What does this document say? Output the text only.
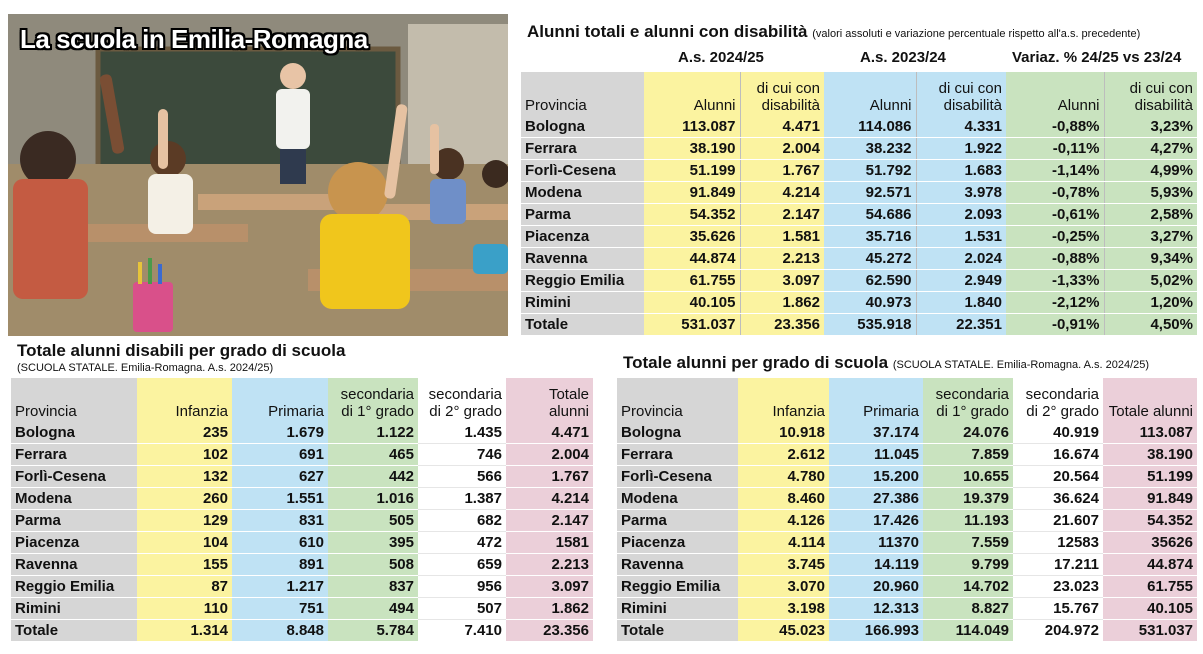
La scuola in Emilia-Romagna	Alunni totali e alunni con disabilità (valori assoluti e variazione percentuale rispetto all'a.s. precedente)
A.s. 2024/25	A.s. 2023/24	Variaz. % 24/25 vs 23/24
Provincia	Alunni	di cui con disabilità	Alunni	di cui con disabilità	Alunni	di cui con disabilità
Bologna	113.087	4.471	114.086	4.331	-0,88%	3,23%
Ferrara	38.190	2.004	38.232	1.922	-0,11%	4,27%
Forlì-Cesena	51.199	1.767	51.792	1.683	-1,14%	4,99%
Modena	91.849	4.214	92.571	3.978	-0,78%	5,93%
Parma	54.352	2.147	54.686	2.093	-0,61%	2,58%
Piacenza	35.626	1.581	35.716	1.531	-0,25%	3,27%
Ravenna	44.874	2.213	45.272	2.024	-0,88%	9,34%
Reggio Emilia	61.755	3.097	62.590	2.949	-1,33%	5,02%
Rimini	40.105	1.862	40.973	1.840	-2,12%	1,20%
Totale	531.037	23.356	535.918	22.351	-0,91%	4,50%
Totale alunni disabili per grado di scuola
(SCUOLA STATALE. Emilia-Romagna. A.s. 2024/25)
Provincia	Infanzia	Primaria	secondaria di 1° grado	secondaria di 2° grado	Totale alunni
Bologna	235	1.679	1.122	1.435	4.471
Ferrara	102	691	465	746	2.004
Forlì-Cesena	132	627	442	566	1.767
Modena	260	1.551	1.016	1.387	4.214
Parma	129	831	505	682	2.147
Piacenza	104	610	395	472	1581
Ravenna	155	891	508	659	2.213
Reggio Emilia	87	1.217	837	956	3.097
Rimini	110	751	494	507	1.862
Totale	1.314	8.848	5.784	7.410	23.356
Totale alunni per grado di scuola (SCUOLA STATALE. Emilia-Romagna. A.s. 2024/25)
Provincia	Infanzia	Primaria	secondaria di 1° grado	secondaria di 2° grado	Totale alunni
Bologna	10.918	37.174	24.076	40.919	113.087
Ferrara	2.612	11.045	7.859	16.674	38.190
Forlì-Cesena	4.780	15.200	10.655	20.564	51.199
Modena	8.460	27.386	19.379	36.624	91.849
Parma	4.126	17.426	11.193	21.607	54.352
Piacenza	4.114	11370	7.559	12583	35626
Ravenna	3.745	14.119	9.799	17.211	44.874
Reggio Emilia	3.070	20.960	14.702	23.023	61.755
Rimini	3.198	12.313	8.827	15.767	40.105
Totale	45.023	166.993	114.049	204.972	531.037
